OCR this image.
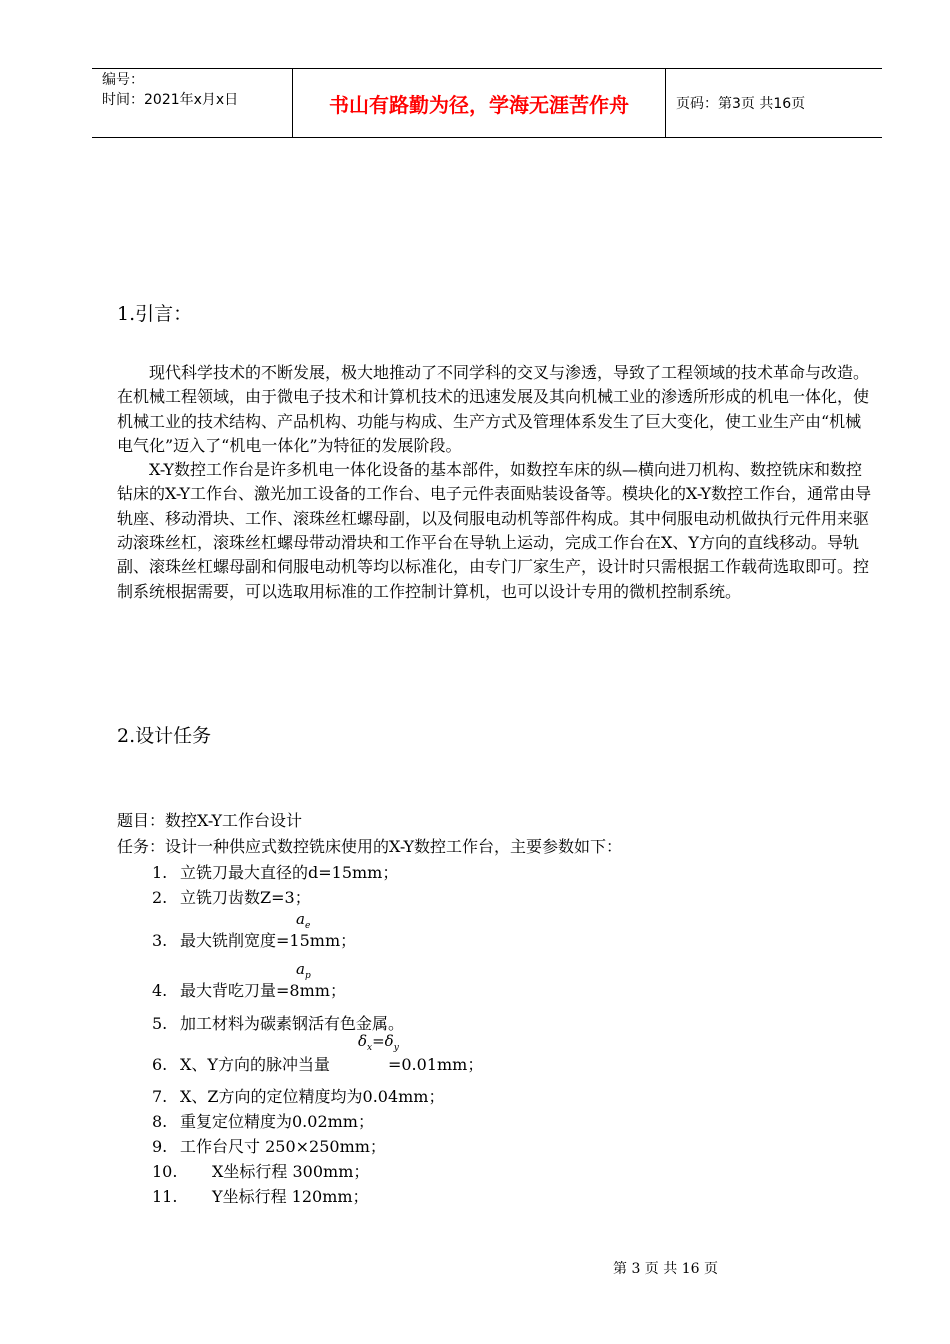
编号：
时间：2021年x月x日	书山有路勤为径，学海无涯苦作舟	页码：第3页 共16页
1.引言：

现代科学技术的不断发展，极大地推动了不同学科的交叉与渗透，导致了工程领域的技术革命与改造。在机械工程领域，由于微电子技术和计算机技术的迅速发展及其向机械工业的渗透所形成的机电一体化，使机械工业的技术结构、产品机构、功能与构成、生产方式及管理体系发生了巨大变化，使工业生产由“机械电气化”迈入了“机电一体化”为特征的发展阶段。

X-Y数控工作台是许多机电一体化设备的基本部件，如数控车床的纵—横向进刀机构、数控铣床和数控钻床的X-Y工作台、激光加工设备的工作台、电子元件表面贴装设备等。模块化的X-Y数控工作台，通常由导轨座、移动滑块、工作、滚珠丝杠螺母副，以及伺服电动机等部件构成。其中伺服电动机做执行元件用来驱动滚珠丝杠，滚珠丝杠螺母带动滑块和工作平台在导轨上运动，完成工作台在X、Y方向的直线移动。导轨副、滚珠丝杠螺母副和伺服电动机等均以标准化，由专门厂家生产，设计时只需根据工作载荷选取即可。控制系统根据需要，可以选取用标准的工作控制计算机，也可以设计专用的微机控制系统。

2.设计任务
题目：数控X-Y工作台设计
任务：设计一种供应式数控铣床使用的X-Y数控工作台，主要参数如下：
1. 立铣刀最大直径的d=15mm；
2. 立铣刀齿数Z=3；
3. 最大铣削宽度=15mm；
$a_e$
4. 最大背吃刀量=8mm；
$a_p$
5. 加工材料为碳素钢活有色金属。
6. X、Y方向的脉冲当量	=0.01mm；
$\delta_x=\delta_y$
7. X、Z方向的定位精度均为0.04mm；
8. 重复定位精度为0.02mm；
9. 工作台尺寸 250×250mm；
10. X坐标行程 300mm；
11. Y坐标行程 120mm；
第 3 页 共 16 页
